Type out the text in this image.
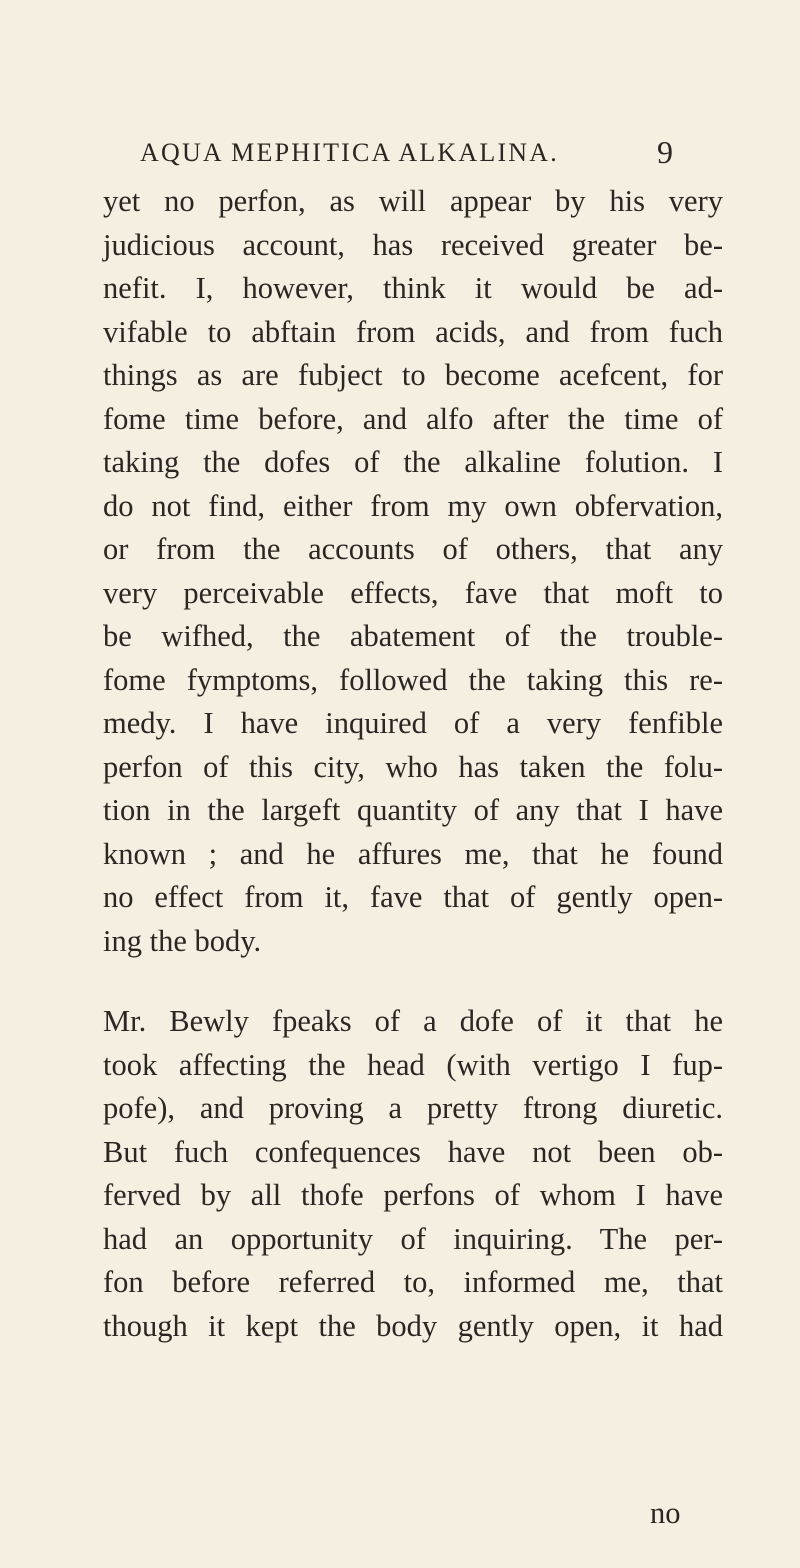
AQUA MEPHITICA ALKALINA.	9
yet no perfon, as will appear by his very
judicious account, has received greater be-
nefit. I, however, think it would be ad-
vifable to abftain from acids, and from fuch
things as are fubject to become acefcent, for
fome time before, and alfo after the time of
taking the dofes of the alkaline folution. I
do not find, either from my own obfervation,
or from the accounts of others, that any
very perceivable effects, fave that moft to
be wifhed, the abatement of the trouble-
fome fymptoms, followed the taking this re-
medy. I have inquired of a very fenfible
perfon of this city, who has taken the folu-
tion in the largeft quantity of any that I have
known ; and he affures me, that he found
no effect from it, fave that of gently open-
ing the body.
Mr. Bewly fpeaks of a dofe of it that he
took affecting the head (with vertigo I fup-
pofe), and proving a pretty ftrong diuretic.
But fuch confequences have not been ob-
ferved by all thofe perfons of whom I have
had an opportunity of inquiring. The per-
fon before referred to, informed me, that
though it kept the body gently open, it had
no
